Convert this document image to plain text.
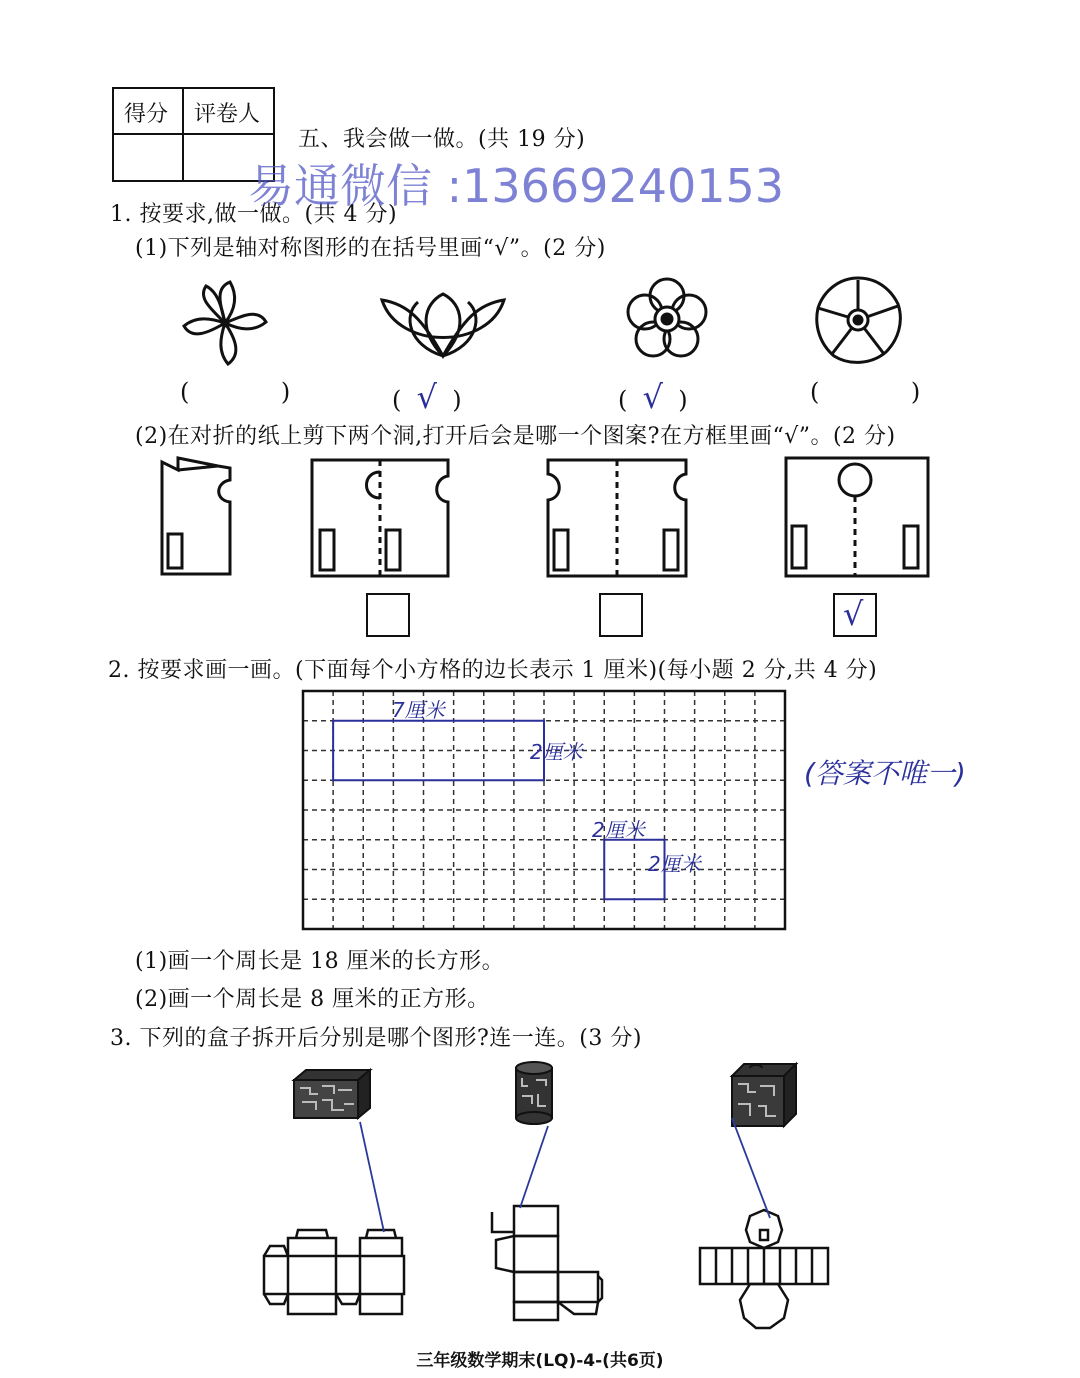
得分 评卷人
五、我会做一做。(共 19 分)
1. 按要求,做一做。(共 4 分)
(1)下列是轴对称图形的在括号里画“√”。(2 分)
(            )	(  √  )	(  √  )	(            )
(2)在对折的纸上剪下两个洞,打开后会是哪一个图案?在方框里画“√”。(2 分)
√
2. 按要求画一画。(下面每个小方格的边长表示 1 厘米)(每小题 2 分,共 4 分)
7厘米
2厘米
2厘米
2厘米
(答案不唯一)
(1)画一个周长是 18 厘米的长方形。
(2)画一个周长是 8 厘米的正方形。
3. 下列的盒子拆开后分别是哪个图形?连一连。(3 分)
易通微信 :13669240153
三年级数学期末(LQ)-4-(共6页)
